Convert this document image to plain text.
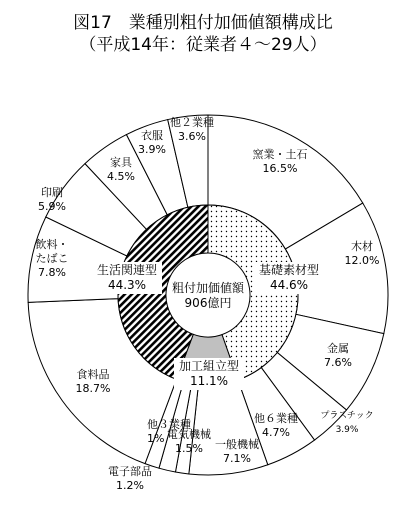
図17　業種別粗付加価値額構成比
（平成14年：従業者４～29人）
窯業・土石 16.5%
木材 12.0%
金属 7.6%
プラスチック 3.9%
他６業種 4.7%
一般機械 7.1%
電子部品 1.2%
電気機械 1.5%
他３業種 1%
食料品 18.7%
飲料・たばこ 7.8%
印刷 5.9%
家具 4.5%
衣服 3.9%
他２業種 3.6%
基礎素材型 44.6%
加工組立型 11.1%
生活関連型 44.3%	粗付加価値額
906億円
